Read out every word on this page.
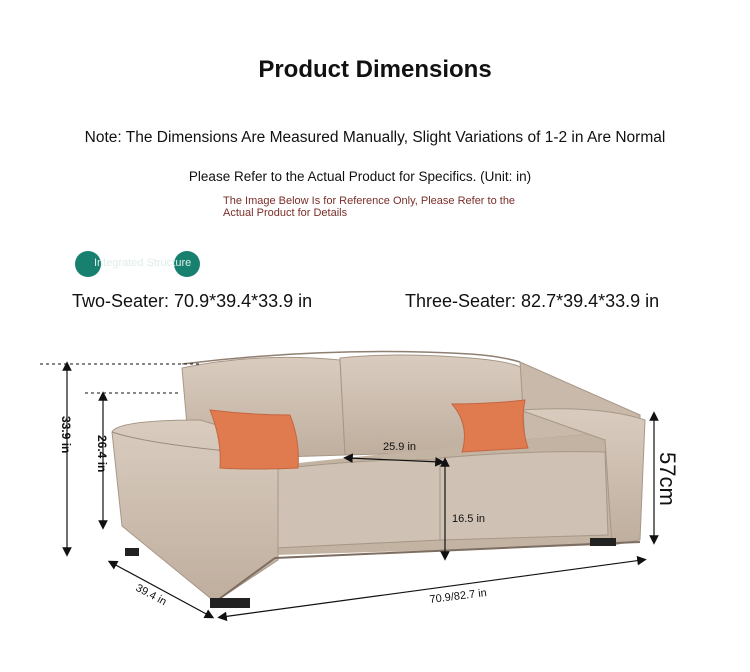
Product Dimensions
Note: The Dimensions Are Measured Manually, Slight Variations of 1-2 in Are Normal
Please Refer to the Actual Product for Specifics. (Unit: in)
The Image Below Is for Reference Only, Please Refer to the Actual Product for Details
Integrated Structure
Two-Seater: 70.9*39.4*33.9 in	Three-Seater: 82.7*39.4*33.9 in
33.9 in
26.4 in	25.9 in
16.5 in
39.4 in	70.9/82.7 in
57cm
